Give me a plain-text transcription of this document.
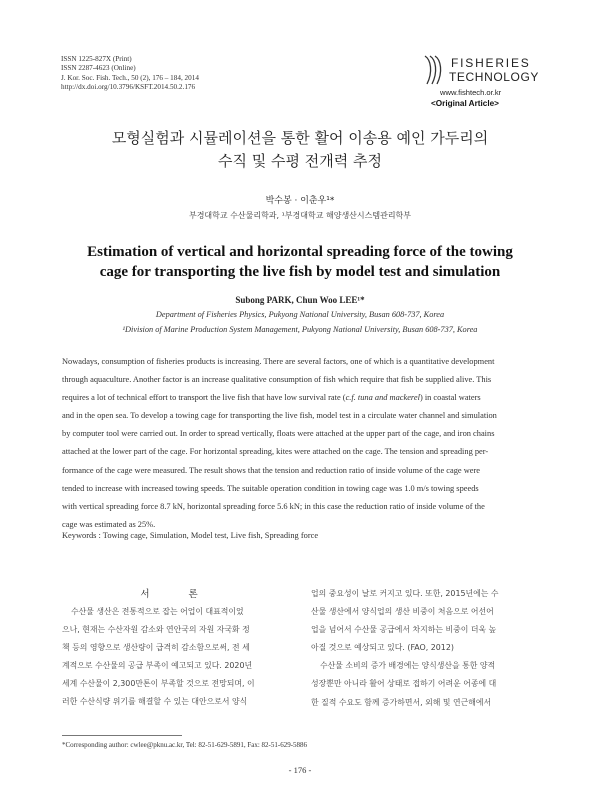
ISSN 1225-827X (Print)
ISSN 2287-4623 (Online)
J. Kor. Soc. Fish. Tech., 50 (2), 176 – 184, 2014
http://dx.doi.org/10.3796/KSFT.2014.50.2.176
FISHERIES
TECHNOLOGY
www.fishtech.or.kr
<Original Article>
모형실험과 시뮬레이션을 통한 활어 이송용 예인 가두리의
수직 및 수평 전개력 추정
박수봉 · 이춘우¹*
부경대학교 수산물리학과, ¹부경대학교 해양생산시스템관리학부
Estimation of vertical and horizontal spreading force of the towing
cage for transporting the live fish by model test and simulation
Subong PARK, Chun Woo LEE¹*
Department of Fisheries Physics, Pukyong National University, Busan 608-737, Korea
¹Division of Marine Production System Management, Pukyong National University, Busan 608-737, Korea
Nowadays, consumption of fisheries products is increasing. There are several factors, one of which is a quantitative development
through aquaculture. Another factor is an increase qualitative consumption of fish which require that fish be supplied alive. This
requires a lot of technical effort to transport the live fish that have low survival rate (c.f. tuna and mackerel) in coastal waters
and in the open sea. To develop a towing cage for transporting the live fish, model test in a circulate water channel and simulation
by computer tool were carried out. In order to spread vertically, floats were attached at the upper part of the cage, and iron chains
attached at the lower part of the cage. For horizontal spreading, kites were attached on the cage. The tension and spreading per-
formance of the cage were measured. The result shows that the tension and reduction ratio of inside volume of the cage were
tended to increase with increased towing speeds. The suitable operation condition in towing cage was 1.0 m/s towing speeds
with vertical spreading force 8.7 kN, horizontal spreading force 5.6 kN; in this case the reduction ratio of inside volume of the
cage was estimated as 25%.
Keywords : Towing cage, Simulation, Model test, Live fish, Spreading force
서 론
수산물 생산은 전통적으로 잡는 어업이 대표적이었
으나, 현재는 수산자원 감소와 연안국의 자원 자국화 정
책 등의 영향으로 생산량이 급격히 감소함으로써, 전 세
계적으로 수산물의 공급 부족이 예고되고 있다. 2020년
세계 수산물이 2,300만톤이 부족할 것으로 전망되며, 이
러한 수산식량 위기를 해결할 수 있는 대안으로서 양식
업의 중요성이 날로 커지고 있다. 또한, 2015년에는 수
산물 생산에서 양식업의 생산 비중이 처음으로 어선어
업을 넘어서 수산물 공급에서 차지하는 비중이 더욱 높
아질 것으로 예상되고 있다. (FAO, 2012)
수산물 소비의 증가 배경에는 양식생산을 통한 양적
성장뿐만 아니라 활어 상태로 접하기 어려운 어종에 대
한 질적 수요도 함께 증가하면서, 외해 및 연근해에서
*Corresponding author: cwlee@pknu.ac.kr, Tel: 82-51-629-5891, Fax: 82-51-629-5886
- 176 -
